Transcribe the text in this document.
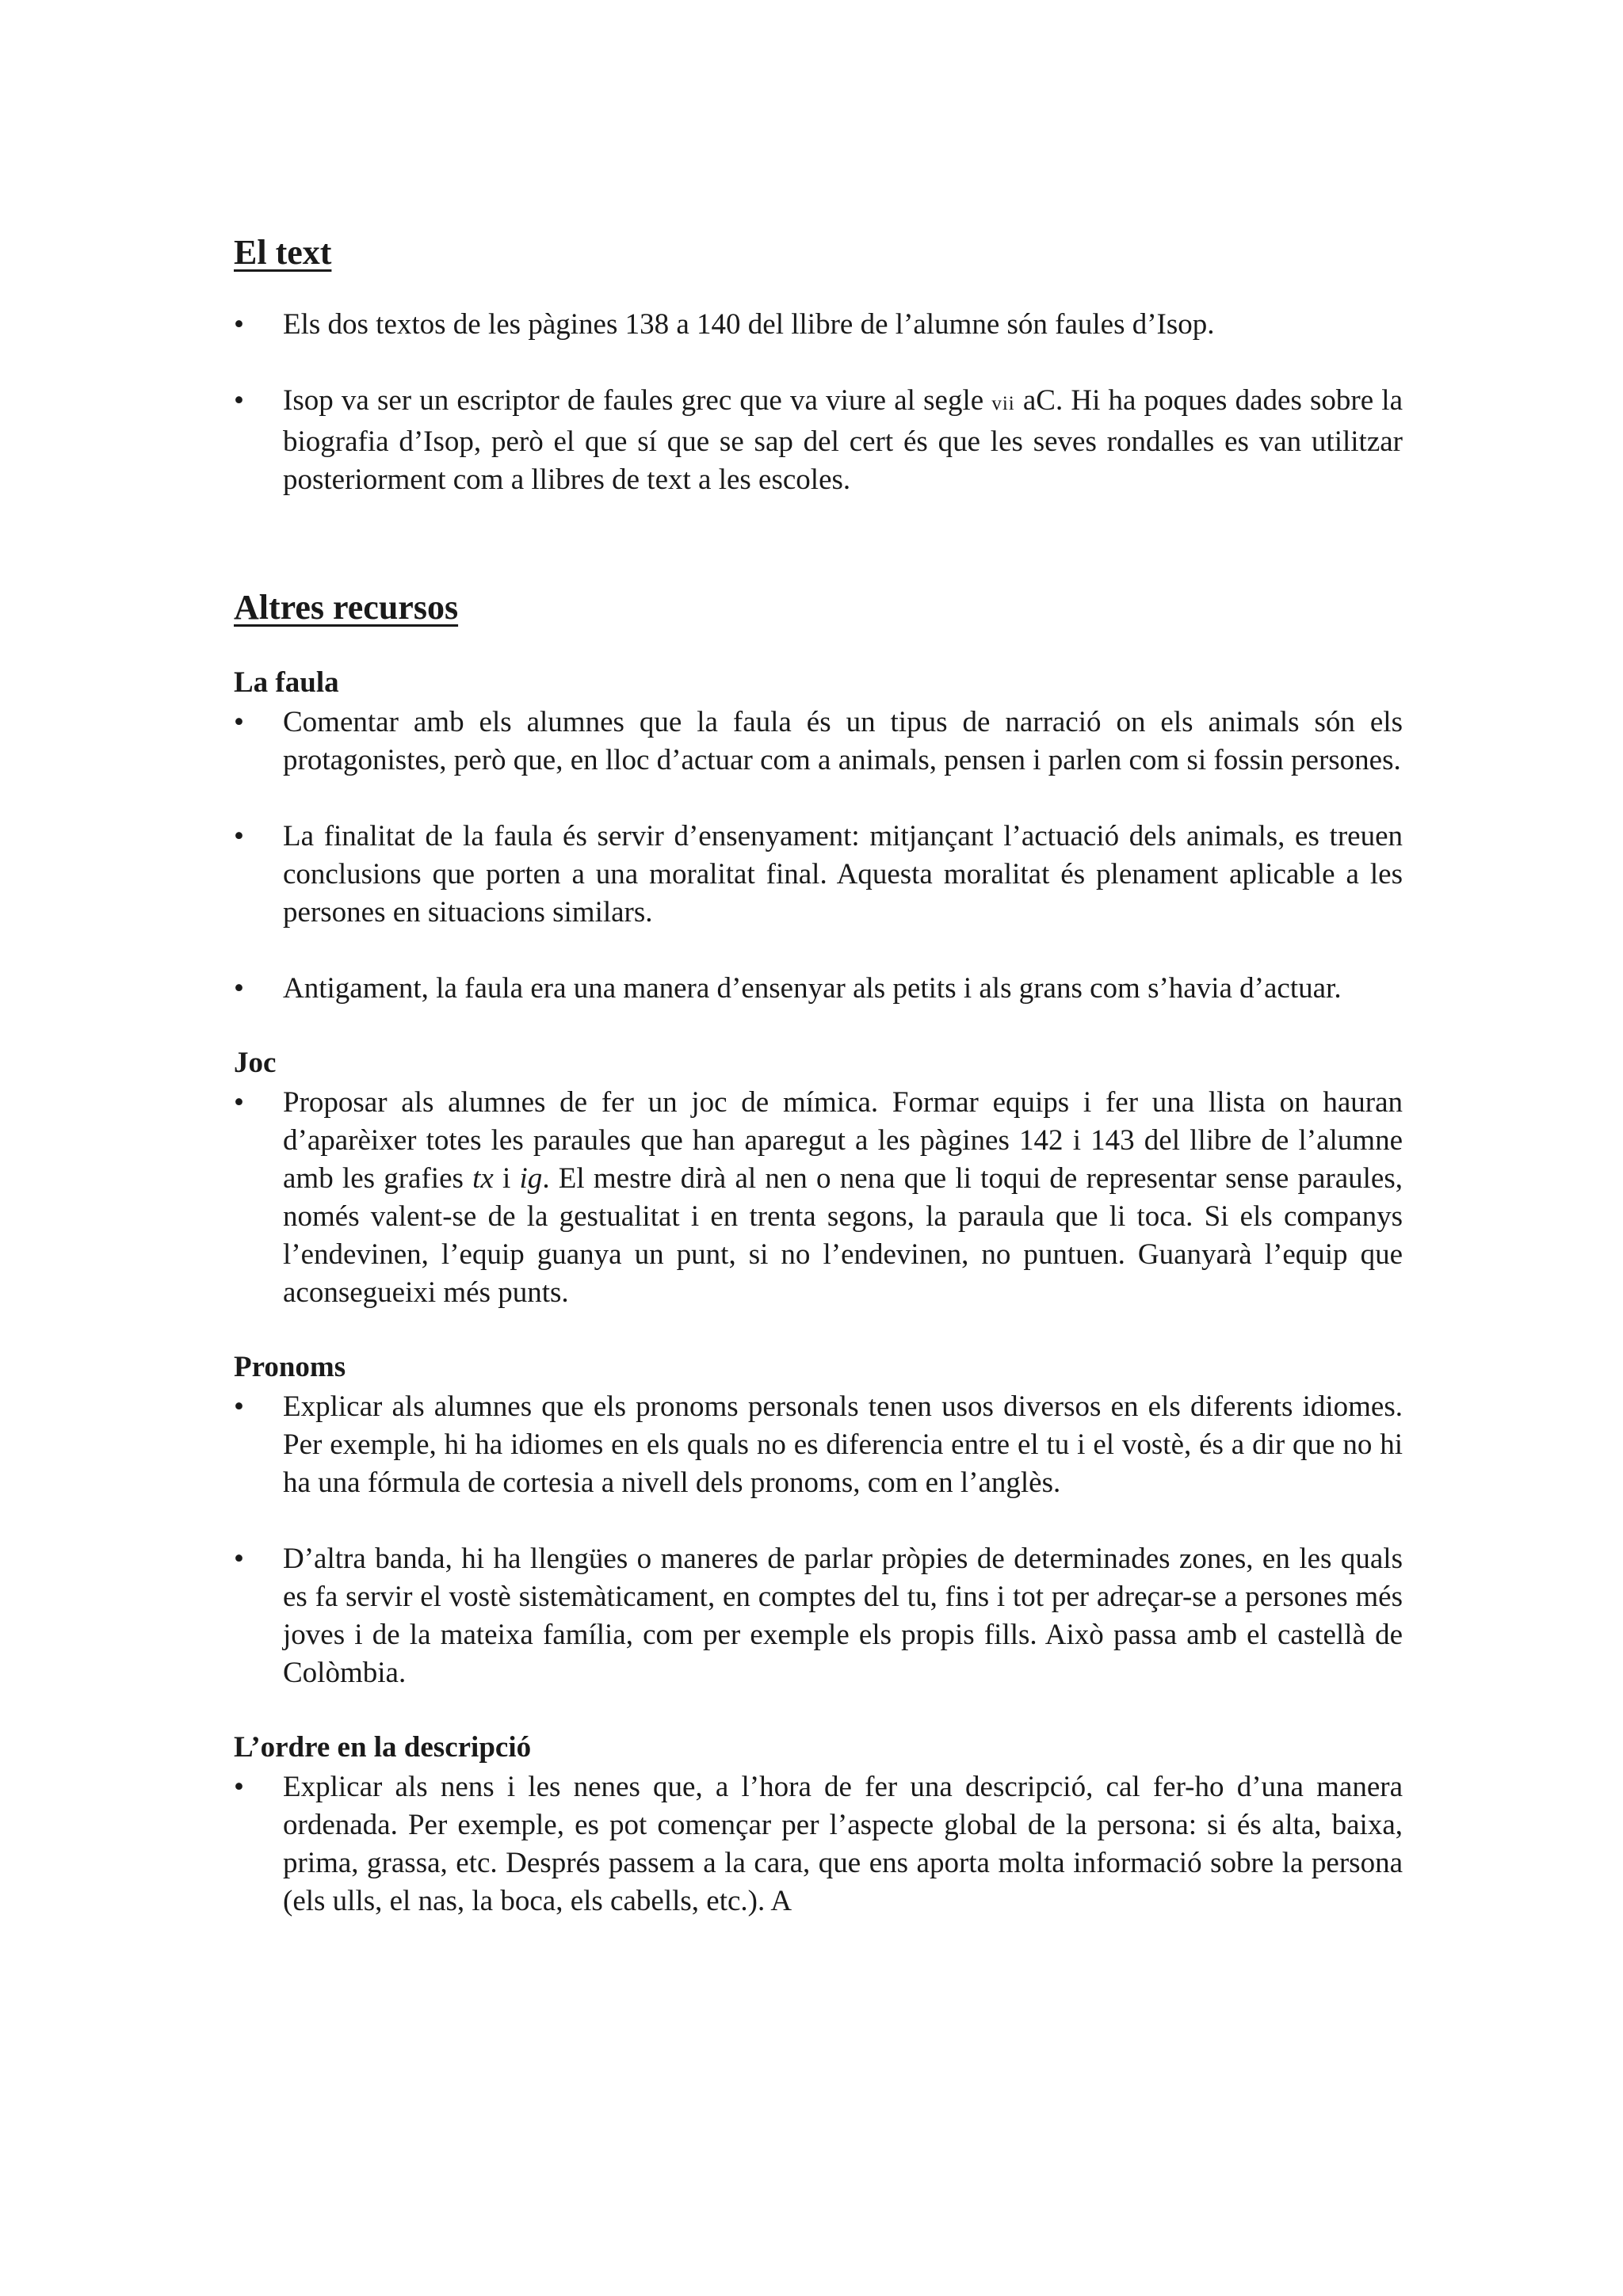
El text
•	Els dos textos de les pàgines 138 a 140 del llibre de l’alumne són faules d’Isop.
•	Isop va ser un escriptor de faules grec que va viure al segle vii aC. Hi ha poques dades sobre la biografia d’Isop, però el que sí que se sap del cert és que les seves rondalles es van utilitzar posteriorment com a llibres de text a les escoles.
Altres recursos
La faula
•	Comentar amb els alumnes que la faula és un tipus de narració on els animals són els protagonistes, però que, en lloc d’actuar com a animals, pensen i parlen com si fossin persones.
•	La finalitat de la faula és servir d’ensenyament: mitjançant l’actuació dels animals, es treuen conclusions que porten a una moralitat final. Aquesta moralitat és plenament aplicable a les persones en situacions similars.
•	Antigament, la faula era una manera d’ensenyar als petits i als grans com s’havia d’actuar.
Joc
•	Proposar als alumnes de fer un joc de mímica. Formar equips i fer una llista on hauran d’aparèixer totes les paraules que han aparegut a les pàgines 142 i 143 del llibre de l’alumne amb les grafies tx i ig. El mestre dirà al nen o nena que li toqui de representar sense paraules, només valent-se de la gestualitat i en trenta segons, la paraula que li toca. Si els companys l’endevinen, l’equip guanya un punt, si no l’endevinen, no puntuen. Guanyarà l’equip que aconsegueixi més punts.
Pronoms
•	Explicar als alumnes que els pronoms personals tenen usos diversos en els diferents idiomes. Per exemple, hi ha idiomes en els quals no es diferencia entre el tu i el vostè, és a dir que no hi ha una fórmula de cortesia a nivell dels pronoms, com en l’anglès.
•	D’altra banda, hi ha llengües o maneres de parlar pròpies de determinades zones, en les quals es fa servir el vostè sistemàticament, en comptes del tu, fins i tot per adreçar-se a persones més joves i de la mateixa família, com per exemple els propis fills. Això passa amb el castellà de Colòmbia.
L’ordre en la descripció
•	Explicar als nens i les nenes que, a l’hora de fer una descripció, cal fer-ho d’una manera ordenada. Per exemple, es pot començar per l’aspecte global de la persona: si és alta, baixa, prima, grassa, etc. Després passem a la cara, que ens aporta molta informació sobre la persona (els ulls, el nas, la boca, els cabells, etc.). A
